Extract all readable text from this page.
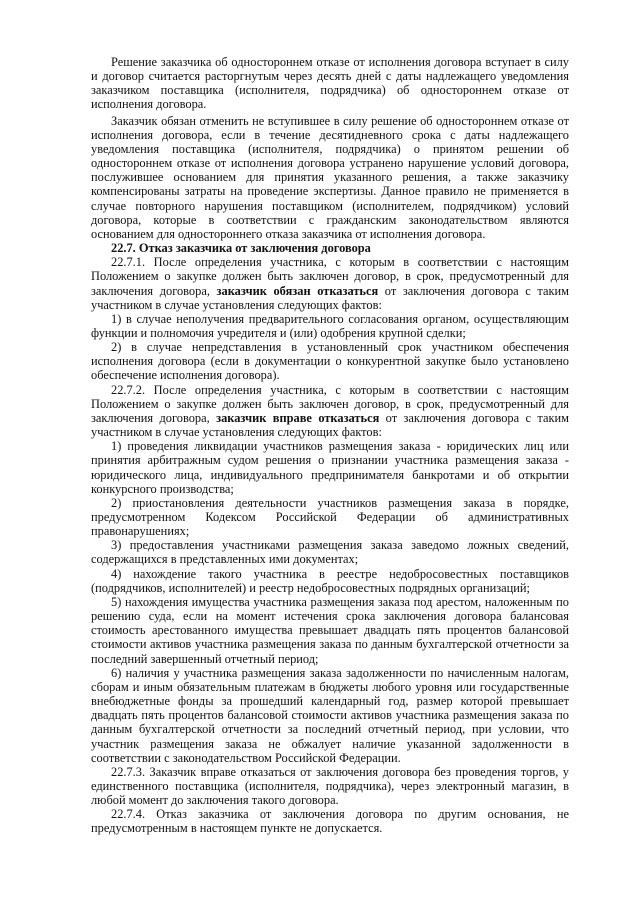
Решение заказчика об одностороннем отказе от исполнения договора вступает в силу и договор считается расторгнутым через десять дней с даты надлежащего уведомления заказчиком поставщика (исполнителя, подрядчика) об одностороннем отказе от исполнения договора.

Заказчик обязан отменить не вступившее в силу решение об одностороннем отказе от исполнения договора, если в течение десятидневного срока с даты надлежащего уведомления поставщика (исполнителя, подрядчика) о принятом решении об одностороннем отказе от исполнения договора устранено нарушение условий договора, послужившее основанием для принятия указанного решения, а также заказчику компенсированы затраты на проведение экспертизы. Данное правило не применяется в случае повторного нарушения поставщиком (исполнителем, подрядчиком) условий договора, которые в соответствии с гражданским законодательством являются основанием для одностороннего отказа заказчика от исполнения договора.

22.7. Отказ заказчика от заключения договора

22.7.1. После определения участника, с которым в соответствии с настоящим Положением о закупке должен быть заключен договор, в срок, предусмотренный для заключения договора, заказчик обязан отказаться от заключения договора с таким участником в случае установления следующих фактов:

1) в случае неполучения предварительного согласования органом, осуществляющим функции и полномочия учредителя и (или) одобрения крупной сделки;

2) в случае непредставления в установленный срок участником обеспечения исполнения договора (если в документации о конкурентной закупке было установлено обеспечение исполнения договора).

22.7.2. После определения участника, с которым в соответствии с настоящим Положением о закупке должен быть заключен договор, в срок, предусмотренный для заключения договора, заказчик вправе отказаться от заключения договора с таким участником в случае установления следующих фактов:

1) проведения ликвидации участников размещения заказа - юридических лиц или принятия арбитражным судом решения о признании участника размещения заказа - юридического лица, индивидуального предпринимателя банкротами и об открытии конкурсного производства;

2) приостановления деятельности участников размещения заказа в порядке, предусмотренном Кодексом Российской Федерации об административных правонарушениях;

3) предоставления участниками размещения заказа заведомо ложных сведений, содержащихся в представленных ими документах;

4) нахождение такого участника в реестре недобросовестных поставщиков (подрядчиков, исполнителей) и реестр недобросовестных подрядных организаций;

5) нахождения имущества участника размещения заказа под арестом, наложенным по решению суда, если на момент истечения срока заключения договора балансовая стоимость арестованного имущества превышает двадцать пять процентов балансовой стоимости активов участника размещения заказа по данным бухгалтерской отчетности за последний завершенный отчетный период;

6) наличия у участника размещения заказа задолженности по начисленным налогам, сборам и иным обязательным платежам в бюджеты любого уровня или государственные внебюджетные фонды за прошедший календарный год, размер которой превышает двадцать пять процентов балансовой стоимости активов участника размещения заказа по данным бухгалтерской отчетности за последний отчетный период, при условии, что участник размещения заказа не обжалует наличие указанной задолженности в соответствии с законодательством Российской Федерации.

22.7.3. Заказчик вправе отказаться от заключения договора без проведения торгов, у единственного поставщика (исполнителя, подрядчика), через электронный магазин, в любой момент до заключения такого договора.

22.7.4. Отказ заказчика от заключения договора по другим основания, не предусмотренным в настоящем пункте не допускается.
